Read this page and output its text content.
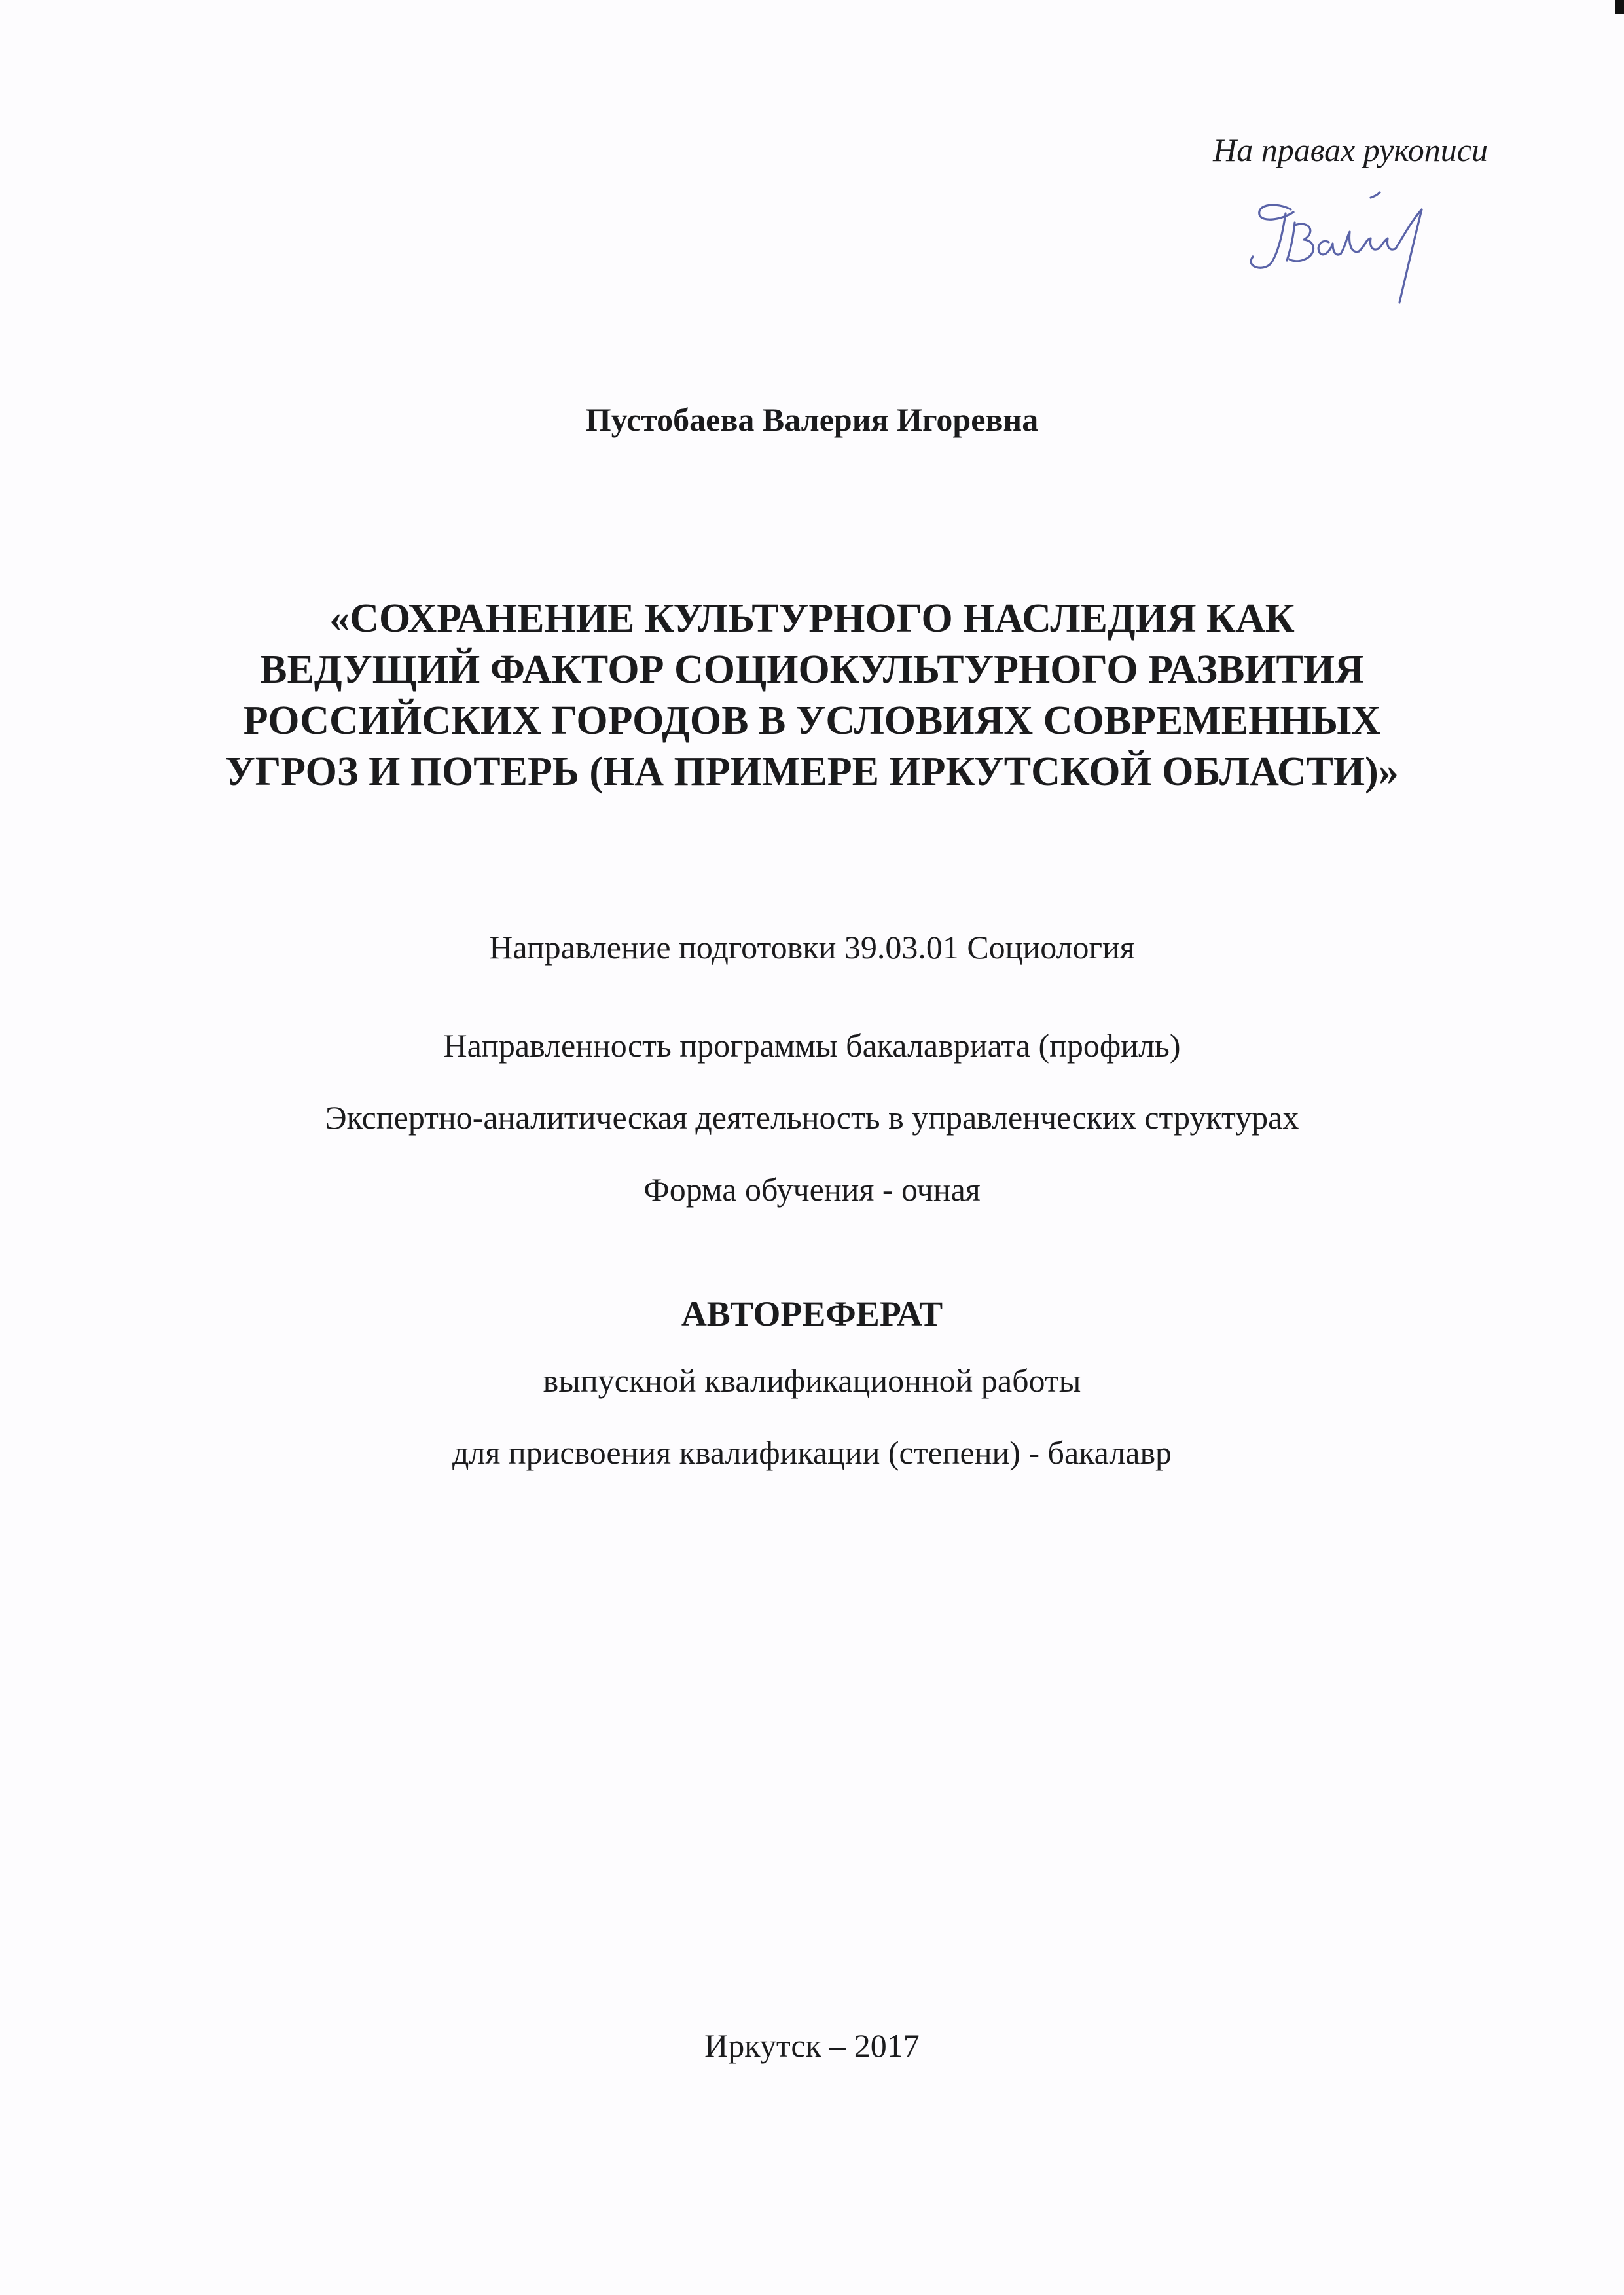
На правах рукописи
Пустобаева Валерия Игоревна
«СОХРАНЕНИЕ КУЛЬТУРНОГО НАСЛЕДИЯ КАК
ВЕДУЩИЙ ФАКТОР СОЦИОКУЛЬТУРНОГО РАЗВИТИЯ
РОССИЙСКИХ ГОРОДОВ В УСЛОВИЯХ СОВРЕМЕННЫХ
УГРОЗ И ПОТЕРЬ (НА ПРИМЕРЕ ИРКУТСКОЙ ОБЛАСТИ)»
Направление подготовки 39.03.01 Социология
Направленность программы бакалавриата (профиль)
Экспертно-аналитическая деятельность в управленческих структурах
Форма обучения - очная
АВТОРЕФЕРАТ
выпускной квалификационной работы
для присвоения квалификации (степени) - бакалавр
Иркутск – 2017
